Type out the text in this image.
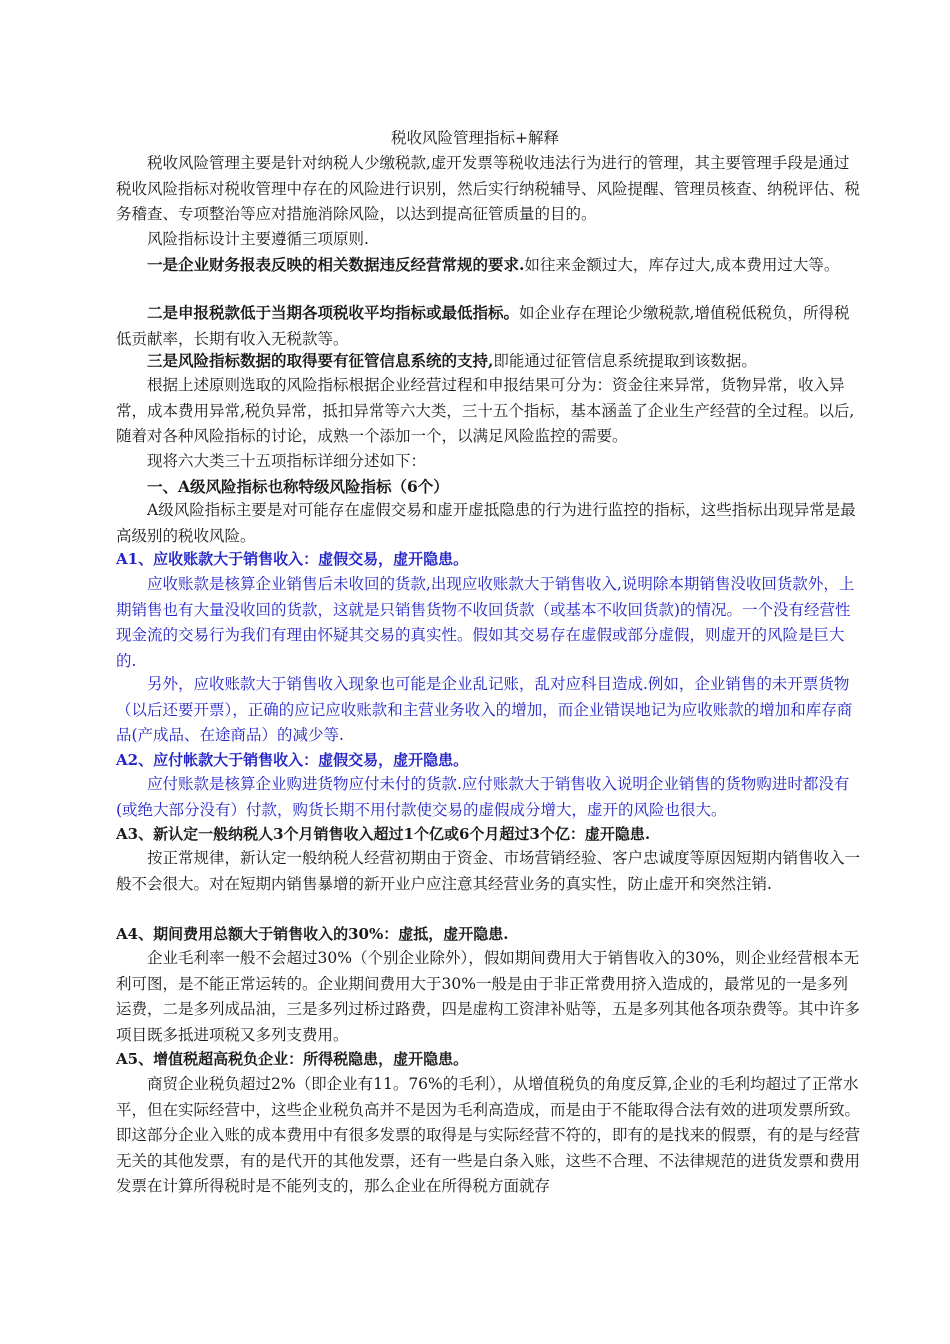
税收风险管理指标+解释

税收风险管理主要是针对纳税人少缴税款,虚开发票等税收违法行为进行的管理，其主要管理手段是通过税收风险指标对税收管理中存在的风险进行识别，然后实行纳税辅导、风险提醒、管理员核查、纳税评估、税务稽查、专项整治等应对措施消除风险，以达到提高征管质量的目的。

风险指标设计主要遵循三项原则.

一是企业财务报表反映的相关数据违反经营常规的要求.如往来金额过大，库存过大,成本费用过大等。

二是申报税款低于当期各项税收平均指标或最低指标。如企业存在理论少缴税款,增值税低税负，所得税低贡献率，长期有收入无税款等。

三是风险指标数据的取得要有征管信息系统的支持,即能通过征管信息系统提取到该数据。

根据上述原则选取的风险指标根据企业经营过程和申报结果可分为：资金往来异常，货物异常，收入异常，成本费用异常,税负异常，抵扣异常等六大类，三十五个指标，基本涵盖了企业生产经营的全过程。以后,随着对各种风险指标的讨论，成熟一个添加一个，以满足风险监控的需要。

现将六大类三十五项指标详细分述如下：

一、A级风险指标也称特级风险指标（6个）

A级风险指标主要是对可能存在虚假交易和虚开虚抵隐患的行为进行监控的指标，这些指标出现异常是最高级别的税收风险。

A1、应收账款大于销售收入：虚假交易，虚开隐患。

应收账款是核算企业销售后未收回的货款,出现应收账款大于销售收入,说明除本期销售没收回货款外，上期销售也有大量没收回的货款，这就是只销售货物不收回货款（或基本不收回货款)的情况。一个没有经营性现金流的交易行为我们有理由怀疑其交易的真实性。假如其交易存在虚假或部分虚假，则虚开的风险是巨大的.

另外，应收账款大于销售收入现象也可能是企业乱记账，乱对应科目造成.例如，企业销售的未开票货物（以后还要开票），正确的应记应收账款和主营业务收入的增加，而企业错误地记为应收账款的增加和库存商品(产成品、在途商品）的减少等.

A2、应付帐款大于销售收入：虚假交易，虚开隐患。

应付账款是核算企业购进货物应付未付的货款.应付账款大于销售收入说明企业销售的货物购进时都没有(或绝大部分没有）付款，购货长期不用付款使交易的虚假成分增大，虚开的风险也很大。

A3、新认定一般纳税人3个月销售收入超过1个亿或6个月超过3个亿：虚开隐患.

按正常规律，新认定一般纳税人经营初期由于资金、市场营销经验、客户忠诚度等原因短期内销售收入一般不会很大。对在短期内销售暴增的新开业户应注意其经营业务的真实性，防止虚开和突然注销.

A4、期间费用总额大于销售收入的30%：虚抵，虚开隐患.

企业毛利率一般不会超过30%（个别企业除外），假如期间费用大于销售收入的30%，则企业经营根本无利可图，是不能正常运转的。企业期间费用大于30%一般是由于非正常费用挤入造成的，最常见的一是多列运费，二是多列成品油，三是多列过桥过路费，四是虚构工资津补贴等，五是多列其他各项杂费等。其中许多项目既多抵进项税又多列支费用。

A5、增值税超高税负企业：所得税隐患，虚开隐患。

商贸企业税负超过2%（即企业有11。76%的毛利），从增值税负的角度反算,企业的毛利均超过了正常水平，但在实际经营中，这些企业税负高并不是因为毛利高造成，而是由于不能取得合法有效的进项发票所致。即这部分企业入账的成本费用中有很多发票的取得是与实际经营不符的，即有的是找来的假票，有的是与经营无关的其他发票，有的是代开的其他发票，还有一些是白条入账，这些不合理、不法律规范的进货发票和费用发票在计算所得税时是不能列支的，那么企业在所得税方面就存
